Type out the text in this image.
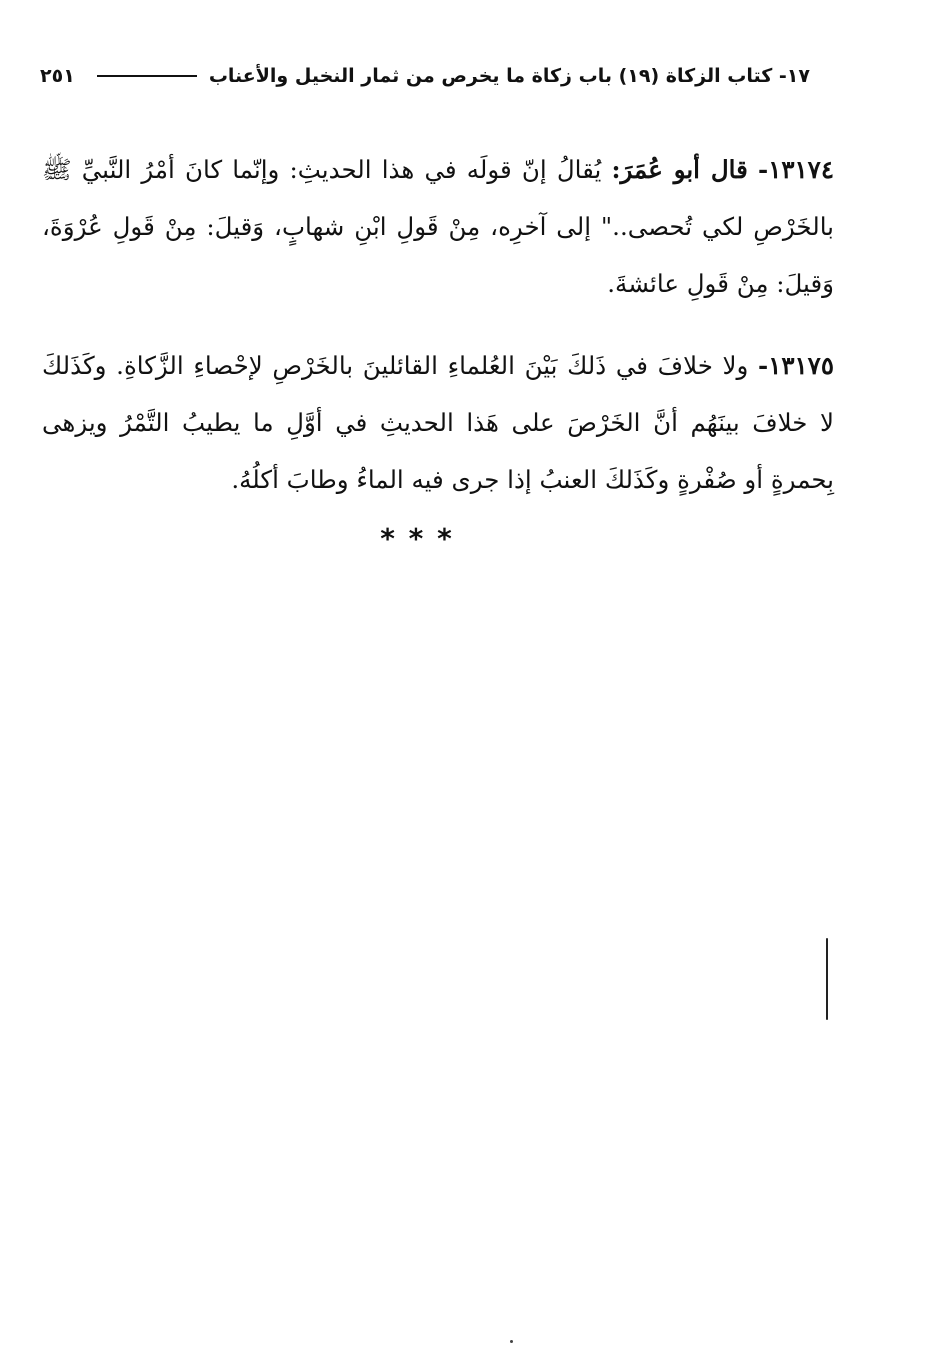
١٧- كتاب الزكاة (١٩) باب زكاة ما يخرص من ثمار النخيل والأعناب
٢٥١

١٣١٧٤- قال أبو عُمَرَ: يُقالُ إنّ قولَه في هذا الحديثِ: وإنّما كانَ أمْرُ النَّبيِّ ﷺ بالخَرْصِ لكي تُحصى.." إلى آخرِه، مِنْ قَولِ ابْنِ شهابٍ، وَقيلَ: مِنْ قَولِ عُرْوَةَ، وَقيلَ: مِنْ قَولِ عائشةَ.

١٣١٧٥- ولا خلافَ في ذَلكَ بَيْنَ العُلماءِ القائلينَ بالخَرْصِ لإحْصاءِ الزَّكاةِ. وكَذَلكَ لا خلافَ بينَهُم أنَّ الخَرْصَ على هَذا الحديثِ في أوَّلِ ما يطيبُ التَّمْرُ ويزهى بِحمرةٍ أو صُفْرةٍ وكَذَلكَ العنبُ إذا جرى فيه الماءُ وطابَ أكلُهُ.

* * *
